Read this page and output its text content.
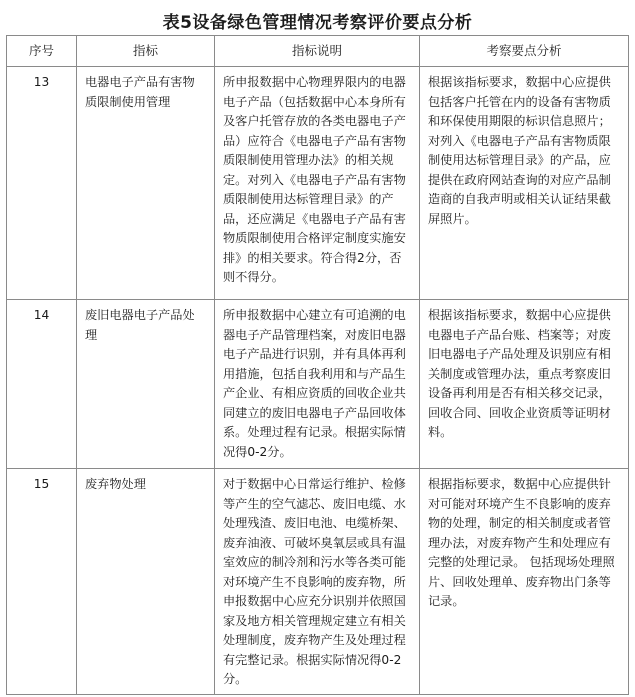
表5设备绿色管理情况考察评价要点分析
序号	指标	指标说明	考察要点分析
13	电器电子产品有害物质限制使用管理	所申报数据中心物理界限内的电器电子产品（包括数据中心本身所有及客户托管存放的各类电器电子产品）应符合《电器电子产品有害物质限制使用管理办法》的相关规定。对列入《电器电子产品有害物质限制使用达标管理目录》的产品，还应满足《电器电子产品有害物质限制使用合格评定制度实施安排》的相关要求。符合得2分，否则不得分。	根据该指标要求，数据中心应提供包括客户托管在内的设备有害物质和环保使用期限的标识信息照片；对列入《电器电子产品有害物质限制使用达标管理目录》的产品，应提供在政府网站查询的对应产品制造商的自我声明或相关认证结果截屏照片。
14	废旧电器电子产品处理	所申报数据中心建立有可追溯的电器电子产品管理档案，对废旧电器电子产品进行识别，并有具体再利用措施，包括自我利用和与产品生产企业、有相应资质的回收企业共同建立的废旧电器电子产品回收体系。处理过程有记录。根据实际情况得0-2分。	根据该指标要求，数据中心应提供电器电子产品台账、档案等；对废旧电器电子产品处理及识别应有相关制度或管理办法，重点考察废旧设备再利用是否有相关移交记录，回收合同、回收企业资质等证明材料。
15	废弃物处理	对于数据中心日常运行维护、检修等产生的空气滤芯、废旧电缆、水处理残渣、废旧电池、电缆桥架、废弃油液、可破坏臭氧层或具有温室效应的制冷剂和污水等各类可能对环境产生不良影响的废弃物，所申报数据中心应充分识别并依照国家及地方相关管理规定建立有相关处理制度，废弃物产生及处理过程有完整记录。根据实际情况得0-2分。	根据指标要求，数据中心应提供针对可能对环境产生不良影响的废弃物的处理，制定的相关制度或者管理办法，对废弃物产生和处理应有完整的处理记录。 包括现场处理照片、回收处理单、废弃物出门条等记录。
